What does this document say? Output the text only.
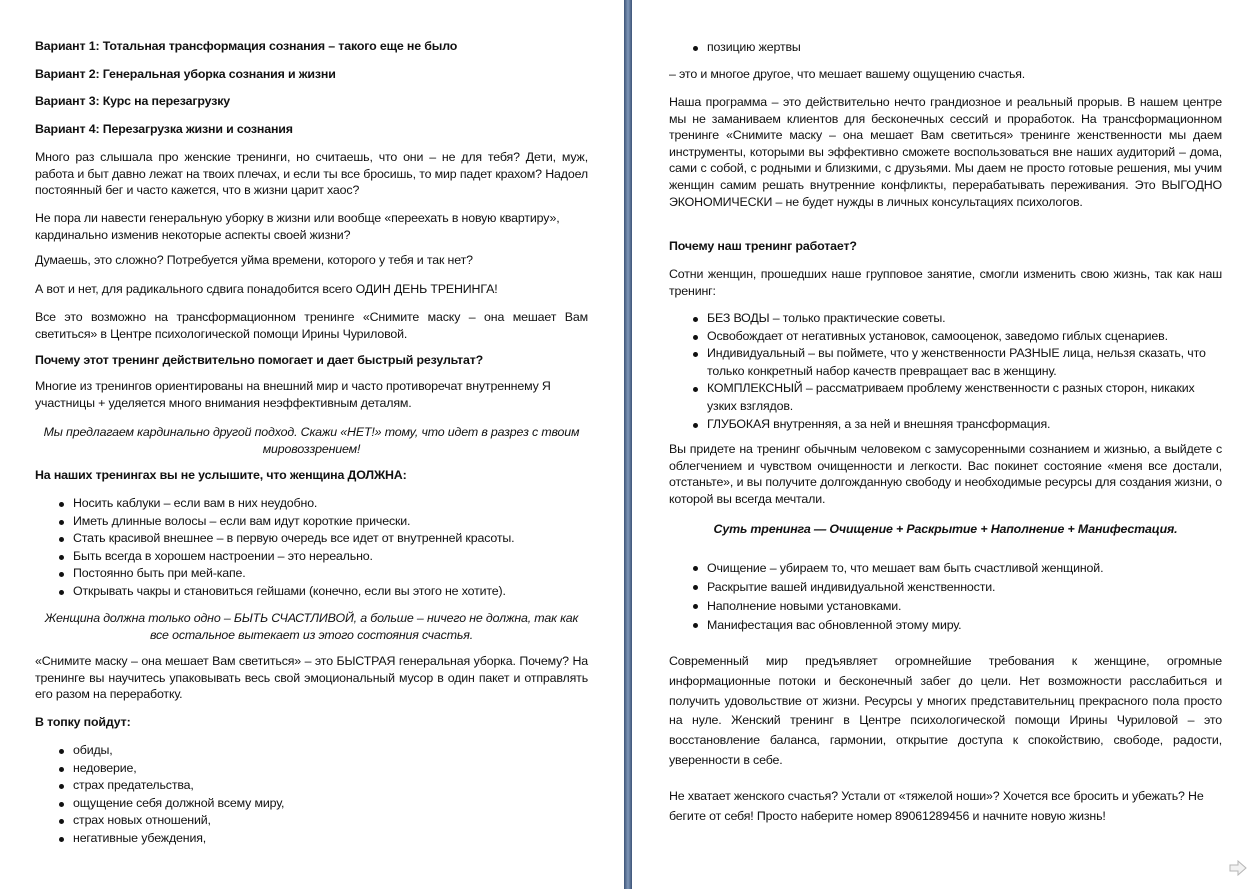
Вариант 1: Тотальная трансформация сознания – такого еще не было

Вариант 2: Генеральная уборка сознания и жизни

Вариант 3: Курс на перезагрузку

Вариант 4: Перезагрузка жизни и сознания

Много раз слышала про женские тренинги, но считаешь, что они – не для тебя? Дети, муж, работа и быт давно лежат на твоих плечах, и если ты все бросишь, то мир падет крахом? Надоел постоянный бег и часто кажется, что в жизни царит хаос?

Не пора ли навести генеральную уборку в жизни или вообще «переехать в новую квартиру», кардинально изменив некоторые аспекты своей жизни?

Думаешь, это сложно? Потребуется уйма времени, которого у тебя и так нет?

А вот и нет, для радикального сдвига понадобится всего ОДИН ДЕНЬ ТРЕНИНГА!

Все это возможно на трансформационном тренинге «Снимите маску – она мешает Вам светиться» в Центре психологической помощи Ирины Чуриловой.

Почему этот тренинг действительно помогает и дает быстрый результат?

Многие из тренингов ориентированы на внешний мир и часто противоречат внутреннему Я участницы + уделяется много внимания неэффективным деталям.

Мы предлагаем кардинально другой подход. Скажи «НЕТ!» тому, что идет в разрез с твоим мировоззрением!

На наших тренингах вы не услышите, что женщина ДОЛЖНА:

Носить каблуки – если вам в них неудобно.
Иметь длинные волосы – если вам идут короткие прически.
Стать красивой внешнее – в первую очередь все идет от внутренней красоты.
Быть всегда в хорошем настроении – это нереально.
Постоянно быть при мей-капе.
Открывать чакры и становиться гейшами (конечно, если вы этого не хотите).

Женщина должна только одно – БЫТЬ СЧАСТЛИВОЙ, а больше – ничего не должна, так как все остальное вытекает из этого состояния счастья.

«Снимите маску – она мешает Вам светиться» – это БЫСТРАЯ генеральная уборка. Почему? На тренинге вы научитесь упаковывать весь свой эмоциональный мусор в один пакет и отправлять его разом на переработку.

В топку пойдут:

обиды,
недоверие,
страх предательства,
ощущение себя должной всему миру,
страх новых отношений,
негативные убеждения,
позицию жертвы

– это и многое другое, что мешает вашему ощущению счастья.

Наша программа – это действительно нечто грандиозное и реальный прорыв. В нашем центре мы не заманиваем клиентов для бесконечных сессий и проработок. На трансформационном тренинге «Снимите маску – она мешает Вам светиться» тренинге женственности мы даем инструменты, которыми вы эффективно сможете воспользоваться вне наших аудиторий – дома, сами с собой, с родными и близкими, с друзьями. Мы даем не просто готовые решения, мы учим женщин самим решать внутренние конфликты, перерабатывать переживания. Это ВЫГОДНО ЭКОНОМИЧЕСКИ – не будет нужды в личных консультациях психологов.

Почему наш тренинг работает?

Сотни женщин, прошедших наше групповое занятие, смогли изменить свою жизнь, так как наш тренинг:

БЕЗ ВОДЫ – только практические советы.
Освобождает от негативных установок, самооценок, заведомо гиблых сценариев.
Индивидуальный – вы поймете, что у женственности РАЗНЫЕ лица, нельзя сказать, что только конкретный набор качеств превращает вас в женщину.
КОМПЛЕКСНЫЙ – рассматриваем проблему женственности с разных сторон, никаких узких взглядов.
ГЛУБОКАЯ внутренняя, а за ней и внешняя трансформация.

Вы придете на тренинг обычным человеком с замусоренными сознанием и жизнью, а выйдете с облегчением и чувством очищенности и легкости. Вас покинет состояние «меня все достали, отстаньте», и вы получите долгожданную свободу и необходимые ресурсы для создания жизни, о которой вы всегда мечтали.

Суть тренинга — Очищение + Раскрытие + Наполнение + Манифестация.

Очищение – убираем то, что мешает вам быть счастливой женщиной.
Раскрытие вашей индивидуальной женственности.
Наполнение новыми установками.
Манифестация вас обновленной этому миру.

Современный мир предъявляет огромнейшие требования к женщине, огромные информационные потоки и бесконечный забег до цели. Нет возможности расслабиться и получить удовольствие от жизни. Ресурсы у многих представительниц прекрасного пола просто на нуле. Женский тренинг в Центре психологической помощи Ирины Чуриловой – это восстановление баланса, гармонии, открытие доступа к спокойствию, свободе, радости, уверенности в себе.

Не хватает женского счастья? Устали от «тяжелой ноши»? Хочется все бросить и убежать? Не бегите от себя! Просто наберите номер 89061289456 и начните новую жизнь!
